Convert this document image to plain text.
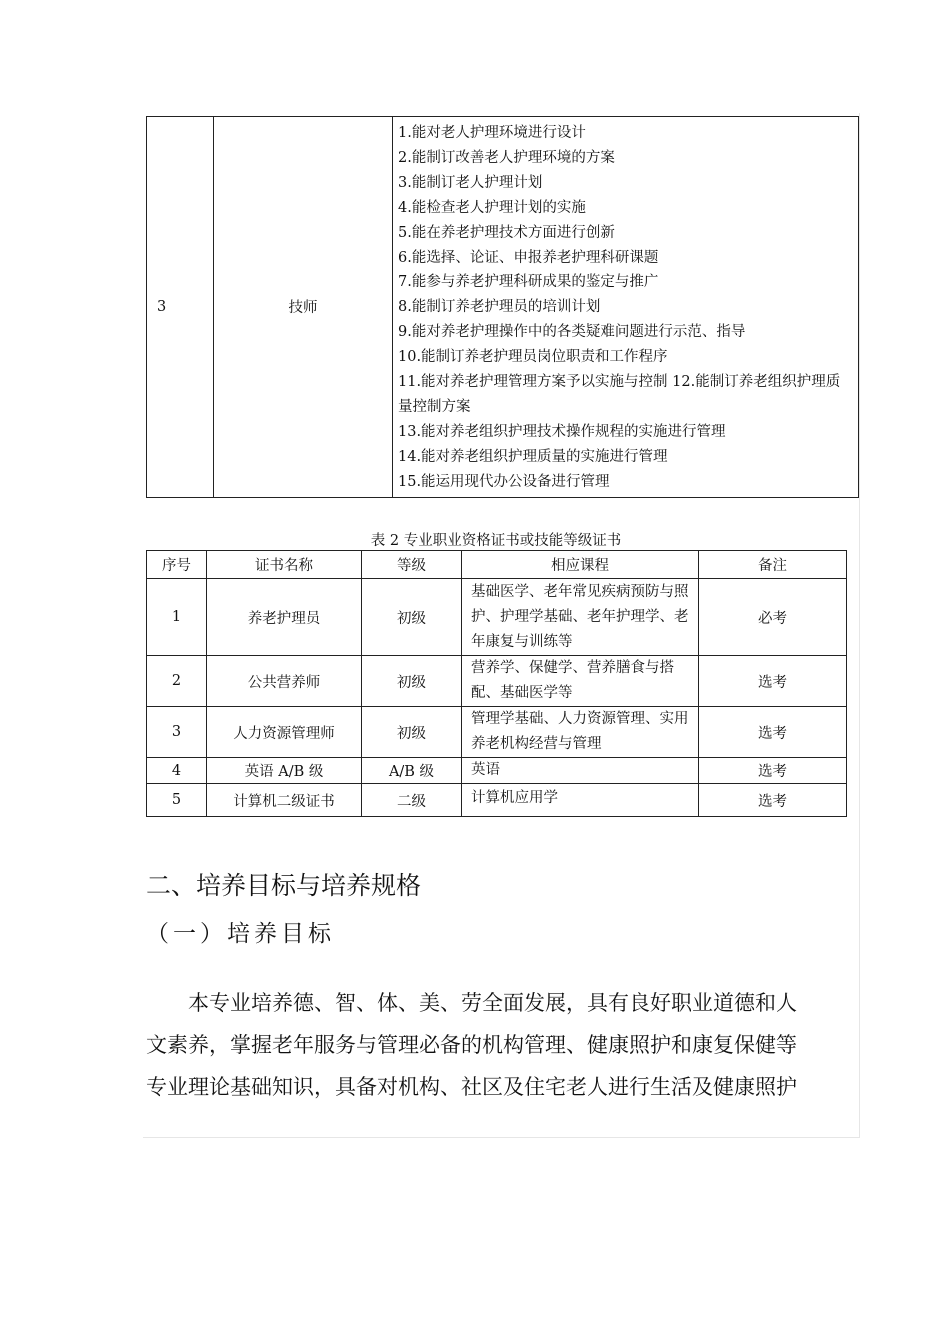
3	技师	
1.能对老人护理环境进行设计
2.能制订改善老人护理环境的方案
3.能制订老人护理计划
4.能检查老人护理计划的实施
5.能在养老护理技术方面进行创新
6.能选择、论证、申报养老护理科研课题
7.能参与养老护理科研成果的鉴定与推广
8.能制订养老护理员的培训计划
9.能对养老护理操作中的各类疑难问题进行示范、指导
10.能制订养老护理员岗位职责和工作程序
11.能对养老护理管理方案予以实施与控制 12.能制订养老组织护理质量控制方案
13.能对养老组织护理技术操作规程的实施进行管理
14.能对养老组织护理质量的实施进行管理
15.能运用现代办公设备进行管理
表 2 专业职业资格证书或技能等级证书
序号	证书名称	等级	相应课程	备注
1	养老护理员	初级	基础医学、老年常见疾病预防与照护、护理学基础、老年护理学、老年康复与训练等	必考
2	公共营养师	初级	营养学、保健学、营养膳食与搭配、基础医学等	选考
3	人力资源管理师	初级	管理学基础、人力资源管理、实用养老机构经营与管理	选考
4	英语 A/B 级	A/B 级	英语	选考
5	计算机二级证书	二级	计算机应用学	选考
二、培养目标与培养规格
（一）培养目标
　　本专业培养德、智、体、美、劳全面发展，具有良好职业道德和人
文素养，掌握老年服务与管理必备的机构管理、健康照护和康复保健等
专业理论基础知识，具备对机构、社区及住宅老人进行生活及健康照护
